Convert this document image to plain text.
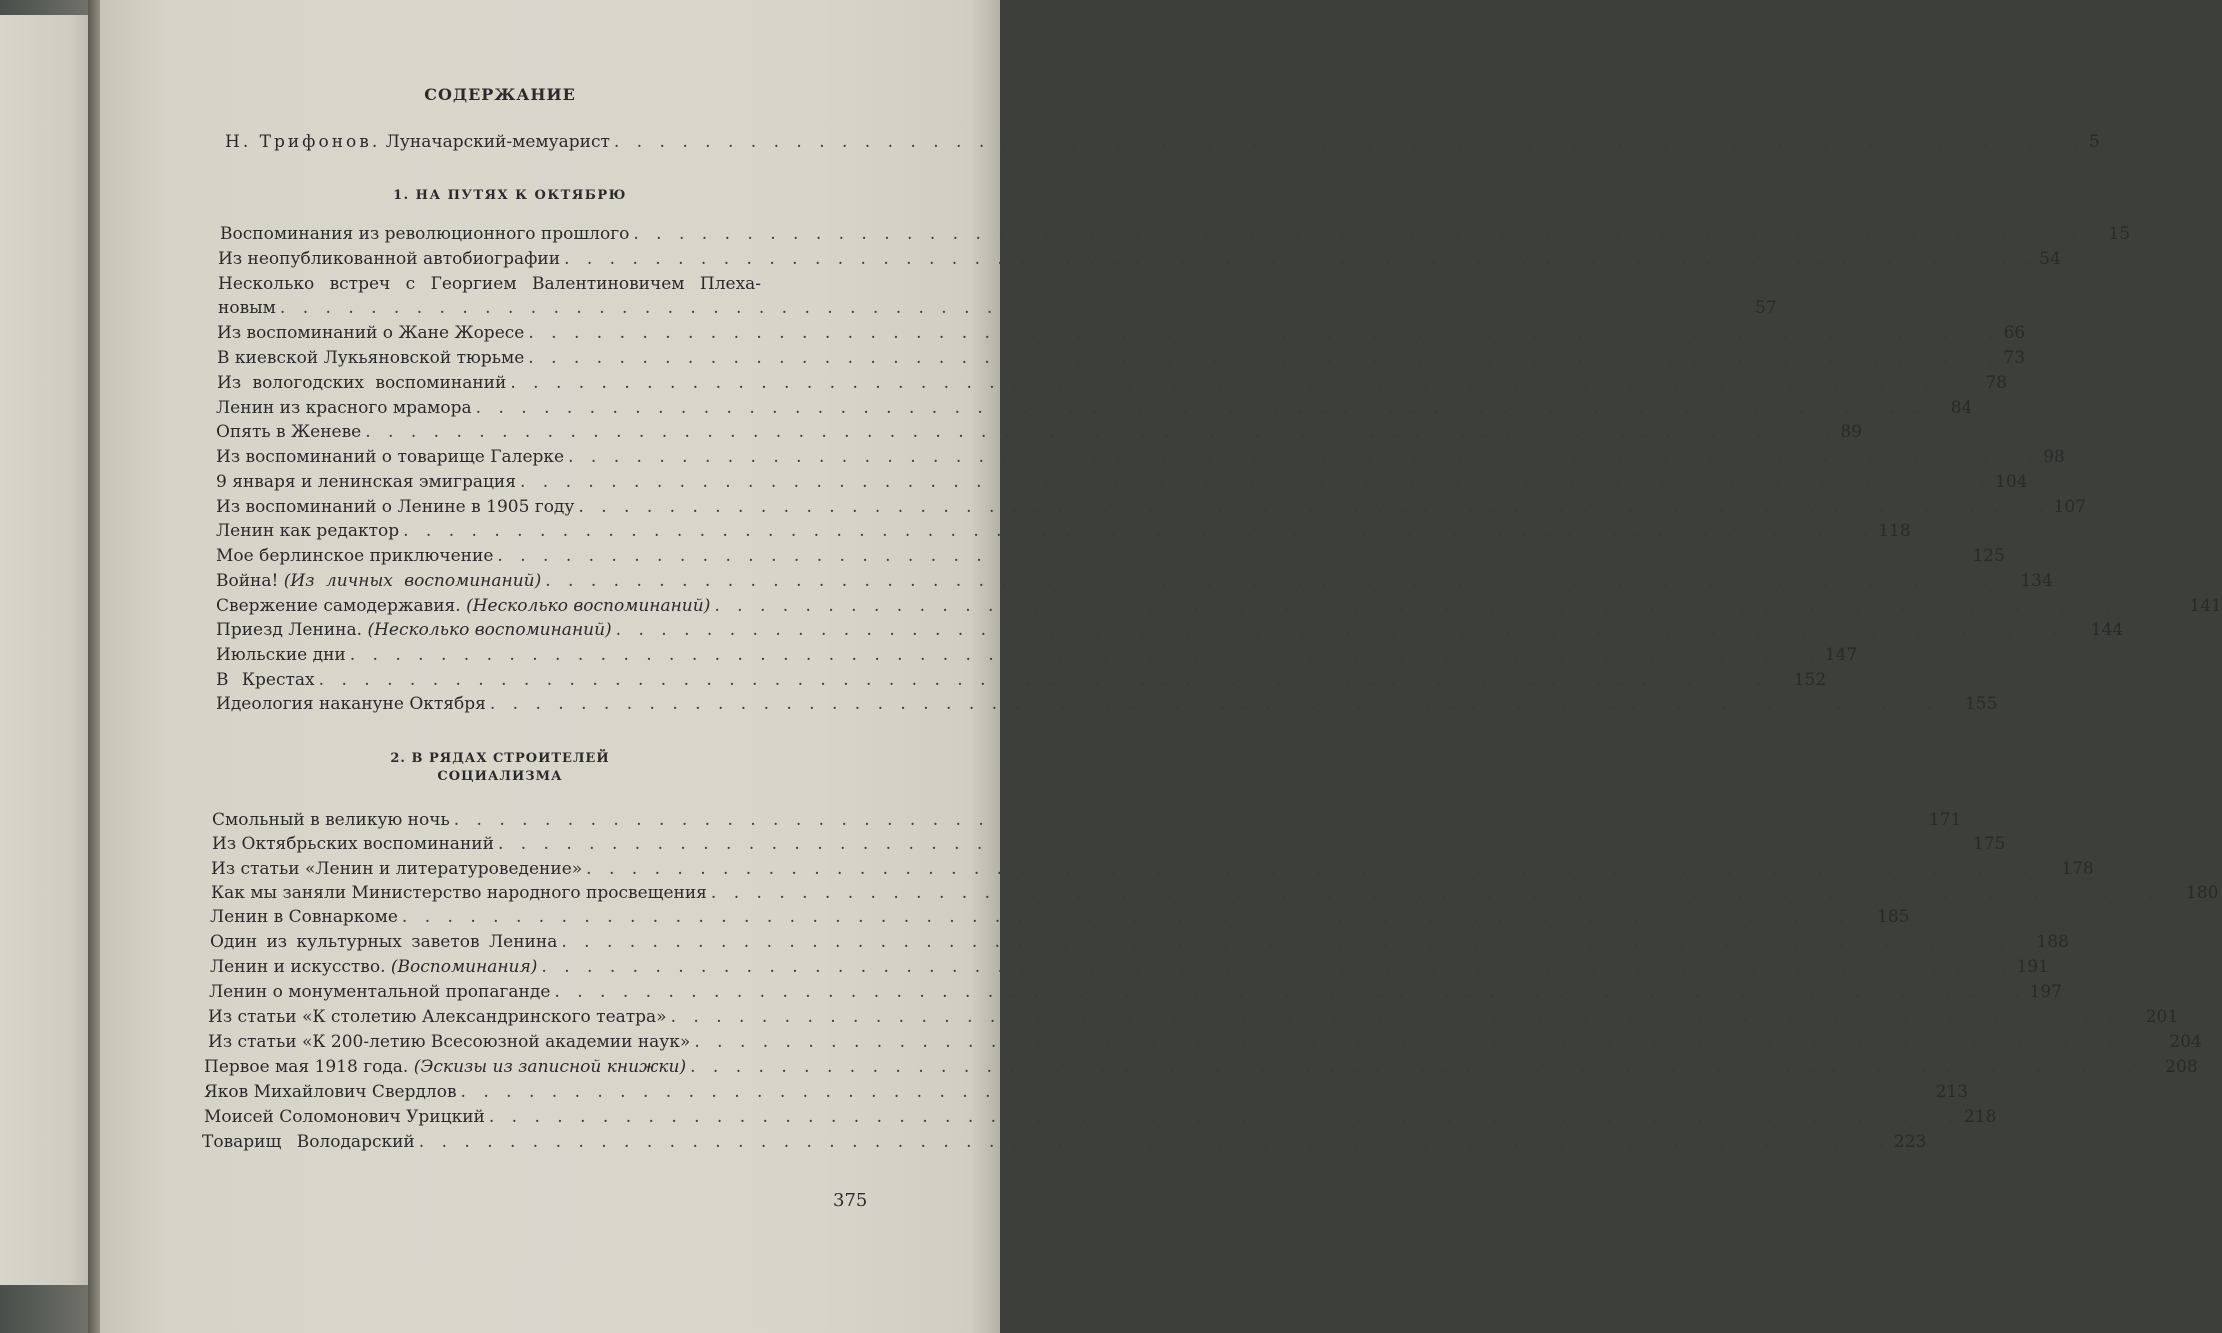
СОДЕРЖАНИЕ
Н. Трифонов. Луначарский-мемуарист . . .	5
1. НА ПУТЯХ К ОКТЯБРЮ
Воспоминания из революционного прошлого . . .	15
Из неопубликованной автобиографии . . .	54
Несколько встреч с Георгием Валентиновичем Плеха-
новым . . .	57
Из воспоминаний о Жане Жоресе . . .	66
В киевской Лукьяновской тюрьме . . .	73
Из вологодских воспоминаний . . .	78
Ленин из красного мрамора . . .	84
Опять в Женеве . . .	89
Из воспоминаний о товарище Галерке . . .	98
9 января и ленинская эмиграция . . .	104
Из воспоминаний о Ленине в 1905 году . . .	107
Ленин как редактор . . .	118
Мое берлинское приключение . . .	125
Война! (Из личных воспоминаний) . . .	134
Свержение самодержавия. (Несколько воспоминаний) . . .	141
Приезд Ленина. (Несколько воспоминаний) . . .	144
Июльские дни . . .	147
В Крестах . . .	152
Идеология накануне Октября . . .	155
2. В РЯДАХ СТРОИТЕЛЕЙ
СОЦИАЛИЗМА
Смольный в великую ночь . . .	171
Из Октябрьских воспоминаний . . .	175
Из статьи «Ленин и литературоведение» . . .	178
Как мы заняли Министерство народного просвещения . . .	180
Ленин в Совнаркоме . . .	185
Один из культурных заветов Ленина . . .	188
Ленин и искусство. (Воспоминания) . . .	191
Ленин о монументальной пропаганде . . .	197
Из статьи «К столетию Александринского театра» . . .	201
Из статьи «К 200-летию Всесоюзной академии наук» . . .	204
Первое мая 1918 года. (Эскизы из записной книжки) . . .	208
Яков Михайлович Свердлов . . .	213
Моисей Соломонович Урицкий . . .	218
Товарищ Володарский . . .	223
375
